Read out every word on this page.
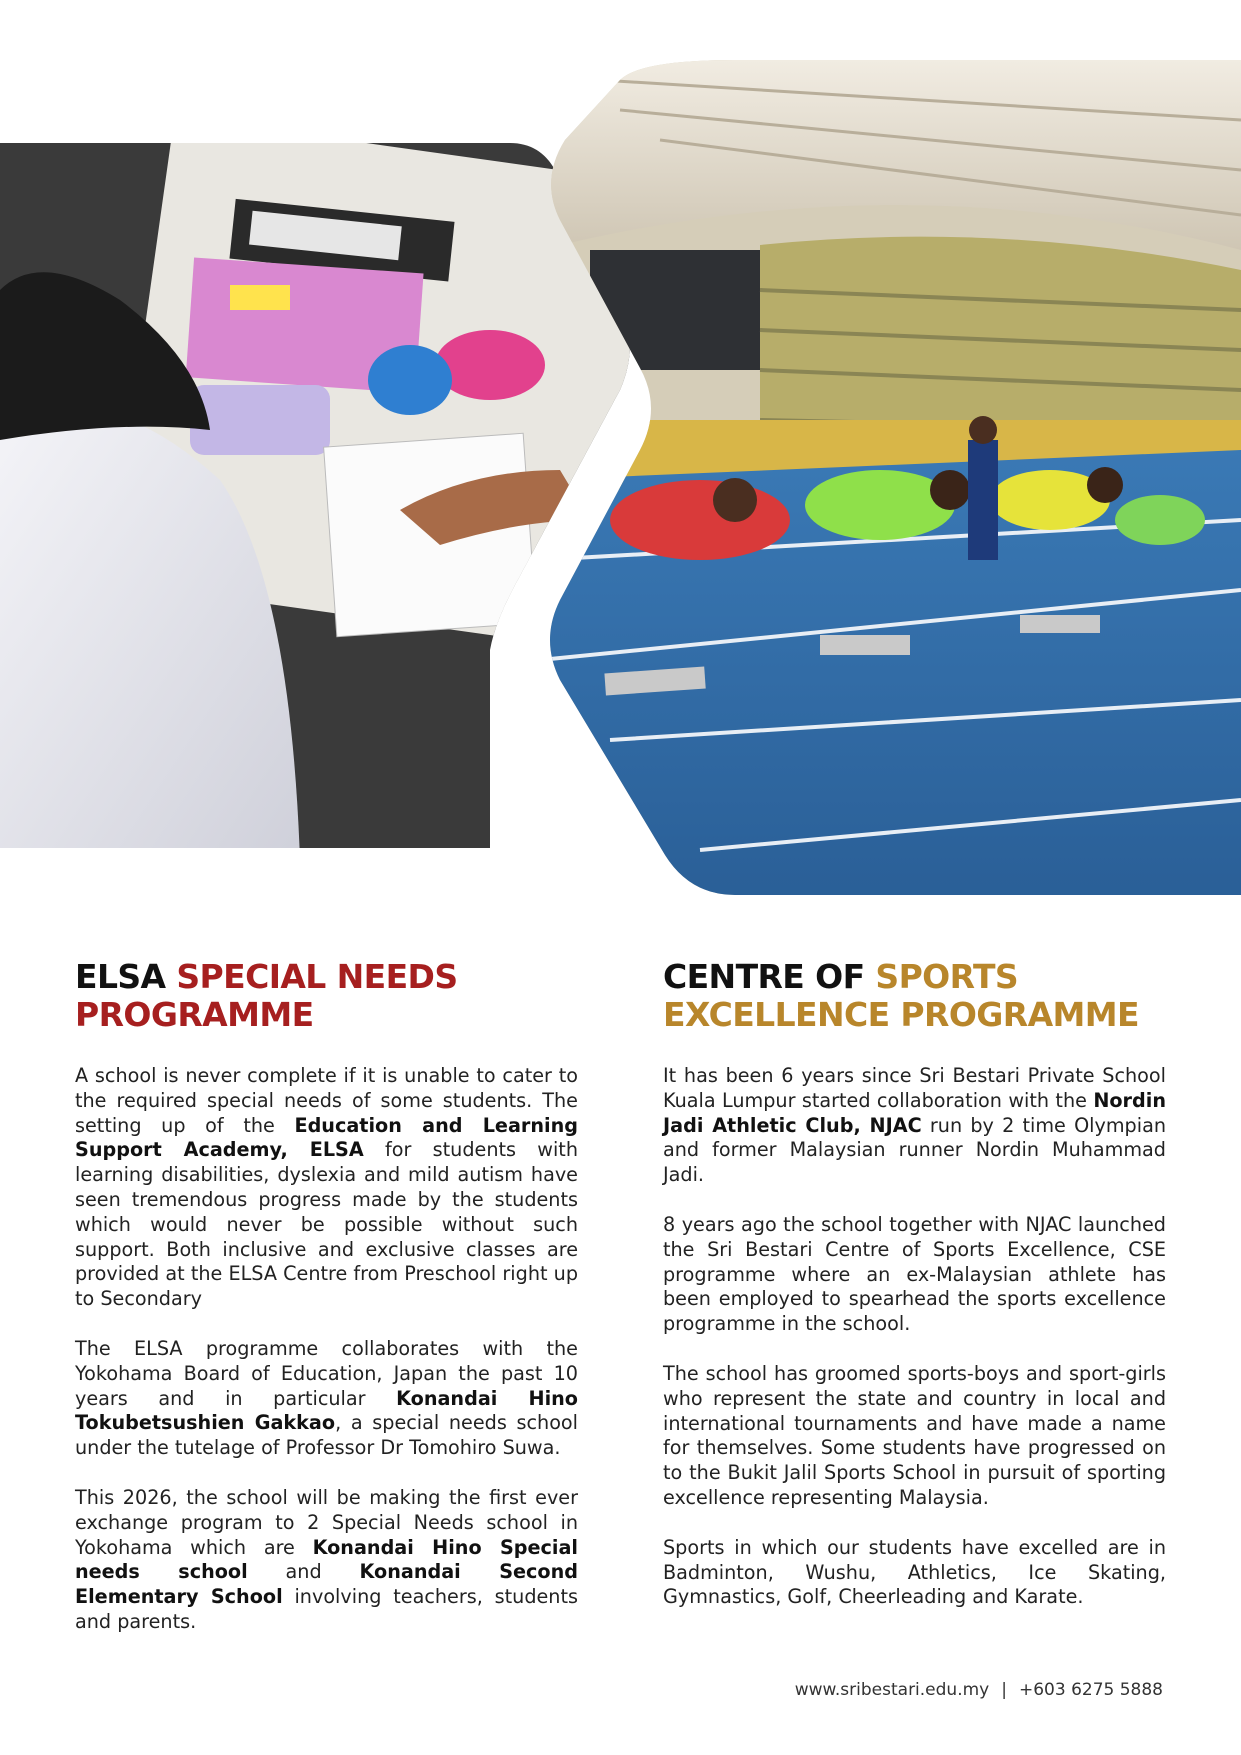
ELSA SPECIAL NEEDS
PROGRAMME

A school is never complete if it is unable to cater to the required special needs of some students. The setting up of the Education and Learning Support Academy, ELSA for students with learning disabilities, dyslexia and mild autism have seen tremendous progress made by the students which would never be possible without such support. Both inclusive and exclusive classes are provided at the ELSA Centre from Preschool right up to Secondary

The ELSA programme collaborates with the Yokohama Board of Education, Japan the past 10 years and in particular Konandai Hino Tokubetsushien Gakkao, a special needs school under the tutelage of Professor Dr Tomohiro Suwa.

This 2026, the school will be making the first ever exchange program to 2 Special Needs school in Yokohama which are Konandai Hino Special needs school and Konandai Second Elementary School involving teachers, students and parents.

CENTRE OF SPORTS
EXCELLENCE PROGRAMME

It has been 6 years since Sri Bestari Private School Kuala Lumpur started collaboration with the Nordin Jadi Athletic Club, NJAC run by 2 time Olympian and former Malaysian runner Nordin Muhammad Jadi.

8 years ago the school together with NJAC launched the Sri Bestari Centre of Sports Excellence, CSE programme where an ex-Malaysian athlete has been employed to spearhead the sports excellence programme in the school.

The school has groomed sports-boys and sport-girls who represent the state and country in local and international tournaments and have made a name for themselves. Some students have progressed on to the Bukit Jalil Sports School in pursuit of sporting excellence representing Malaysia.

Sports in which our students have excelled are in Badminton, Wushu, Athletics, Ice Skating, Gymnastics, Golf, Cheerleading and Karate.

www.sribestari.edu.my | +603 6275 5888
